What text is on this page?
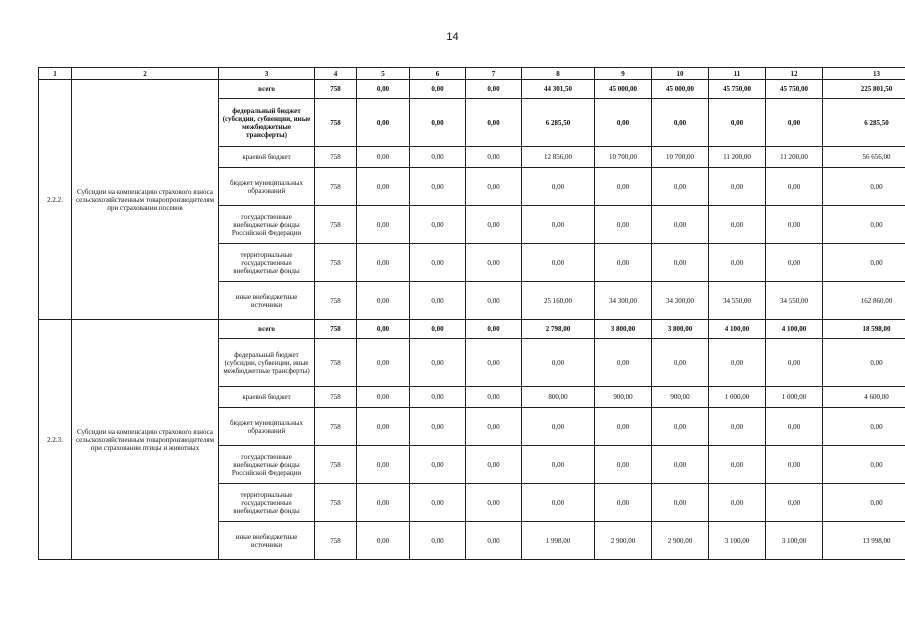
14
1	2	3	4	5	6	7	8	9	10	11	12	13
2.2.2.	Субсидии на компенсацию страхового взноса сельскохозяйственным товаропроизводителям при страховании посевов	всего	758	0,00	0,00	0,00	44 301,50	45 000,00	45 000,00	45 750,00	45 750,00	225 801,50
		федеральный бюджет (субсидии, субвенции, иные межбюджетные трансферты)	758	0,00	0,00	0,00	6 285,50	0,00	0,00	0,00	0,00	6 285,50
		краевой бюджет	758	0,00	0,00	0,00	12 856,00	10 700,00	10 700,00	11 200,00	11 200,00	56 656,00
		бюджет муниципальных образований	758	0,00	0,00	0,00	0,00	0,00	0,00	0,00	0,00	0,00
		государственные внебюджетные фонды Российской Федерации	758	0,00	0,00	0,00	0,00	0,00	0,00	0,00	0,00	0,00
		территориальные государственные внебюджетные фонды	758	0,00	0,00	0,00	0,00	0,00	0,00	0,00	0,00	0,00
		иные внебюджетные источники	758	0,00	0,00	0,00	25 160,00	34 300,00	34 300,00	34 550,00	34 550,00	162 860,00
2.2.3.	Субсидии на компенсацию страхового взноса сельскохозяйственным товаропроизводителям при страховании птицы и животных	всего	758	0,00	0,00	0,00	2 798,00	3 800,00	3 800,00	4 100,00	4 100,00	18 598,00
		федеральный бюджет (субсидии, субвенции, иные межбюджетные трансферты)	758	0,00	0,00	0,00	0,00	0,00	0,00	0,00	0,00	0,00
		краевой бюджет	758	0,00	0,00	0,00	800,00	900,00	900,00	1 000,00	1 000,00	4 600,00
		бюджет муниципальных образований	758	0,00	0,00	0,00	0,00	0,00	0,00	0,00	0,00	0,00
		государственные внебюджетные фонды Российской Федерации	758	0,00	0,00	0,00	0,00	0,00	0,00	0,00	0,00	0,00
		территориальные государственные внебюджетные фонды	758	0,00	0,00	0,00	0,00	0,00	0,00	0,00	0,00	0,00
		иные внебюджетные источники	758	0,00	0,00	0,00	1 998,00	2 900,00	2 900,00	3 100,00	3 100,00	13 998,00
